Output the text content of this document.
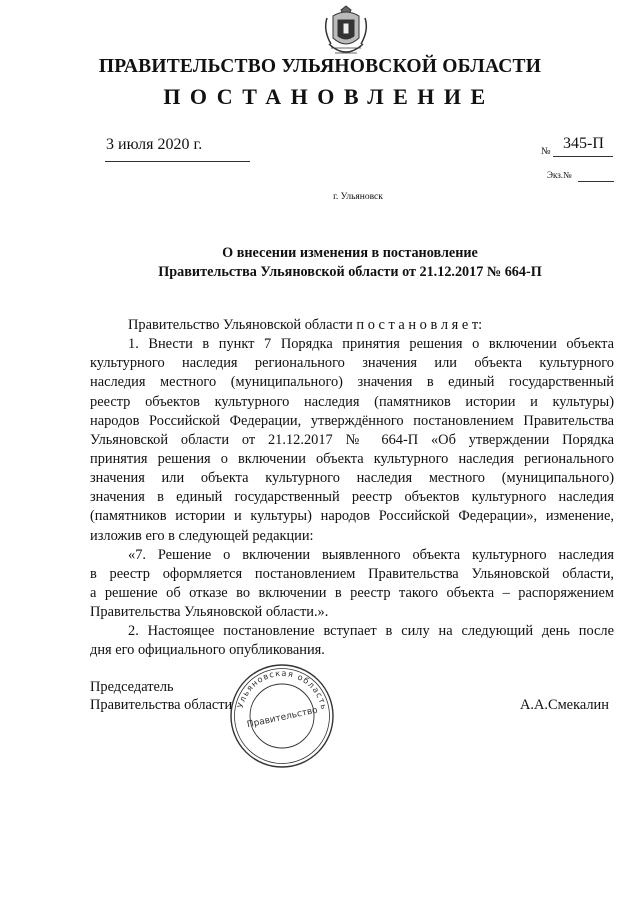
ПРАВИТЕЛЬСТВО УЛЬЯНОВСКОЙ ОБЛАСТИ
ПОСТАНОВЛЕНИЕ
3 июля 2020 г.	№ 345-П
Экз.№
г. Ульяновск
О внесении изменения в постановление
Правительства Ульяновской области от 21.12.2017 № 664-П
Правительство Ульяновской области п о с т а н о в л я е т:
1. Внести в пункт 7 Порядка принятия решения о включении объекта
культурного наследия регионального значения или объекта культурного
наследия местного (муниципального) значения в единый государственный
реестр объектов культурного наследия (памятников истории и культуры)
народов Российской Федерации, утверждённого постановлением Правительства
Ульяновской области от 21.12.2017 № 664-П «Об утверждении Порядка
принятия решения о включении объекта культурного наследия регионального
значения или объекта культурного наследия местного (муниципального)
значения в единый государственный реестр объектов культурного наследия
(памятников истории и культуры) народов Российской Федерации», изменение,
изложив его в следующей редакции:
«7. Решение о включении выявленного объекта культурного наследия
в реестр оформляется постановлением Правительства Ульяновской области,
а решение об отказе во включении в реестр такого объекта – распоряжением
Правительства Ульяновской области.».
2. Настоящее постановление вступает в силу на следующий день после
дня его официального опубликования.
Председатель
Правительства области	А.А.Смекалин
Ульяновская область
Правительство
